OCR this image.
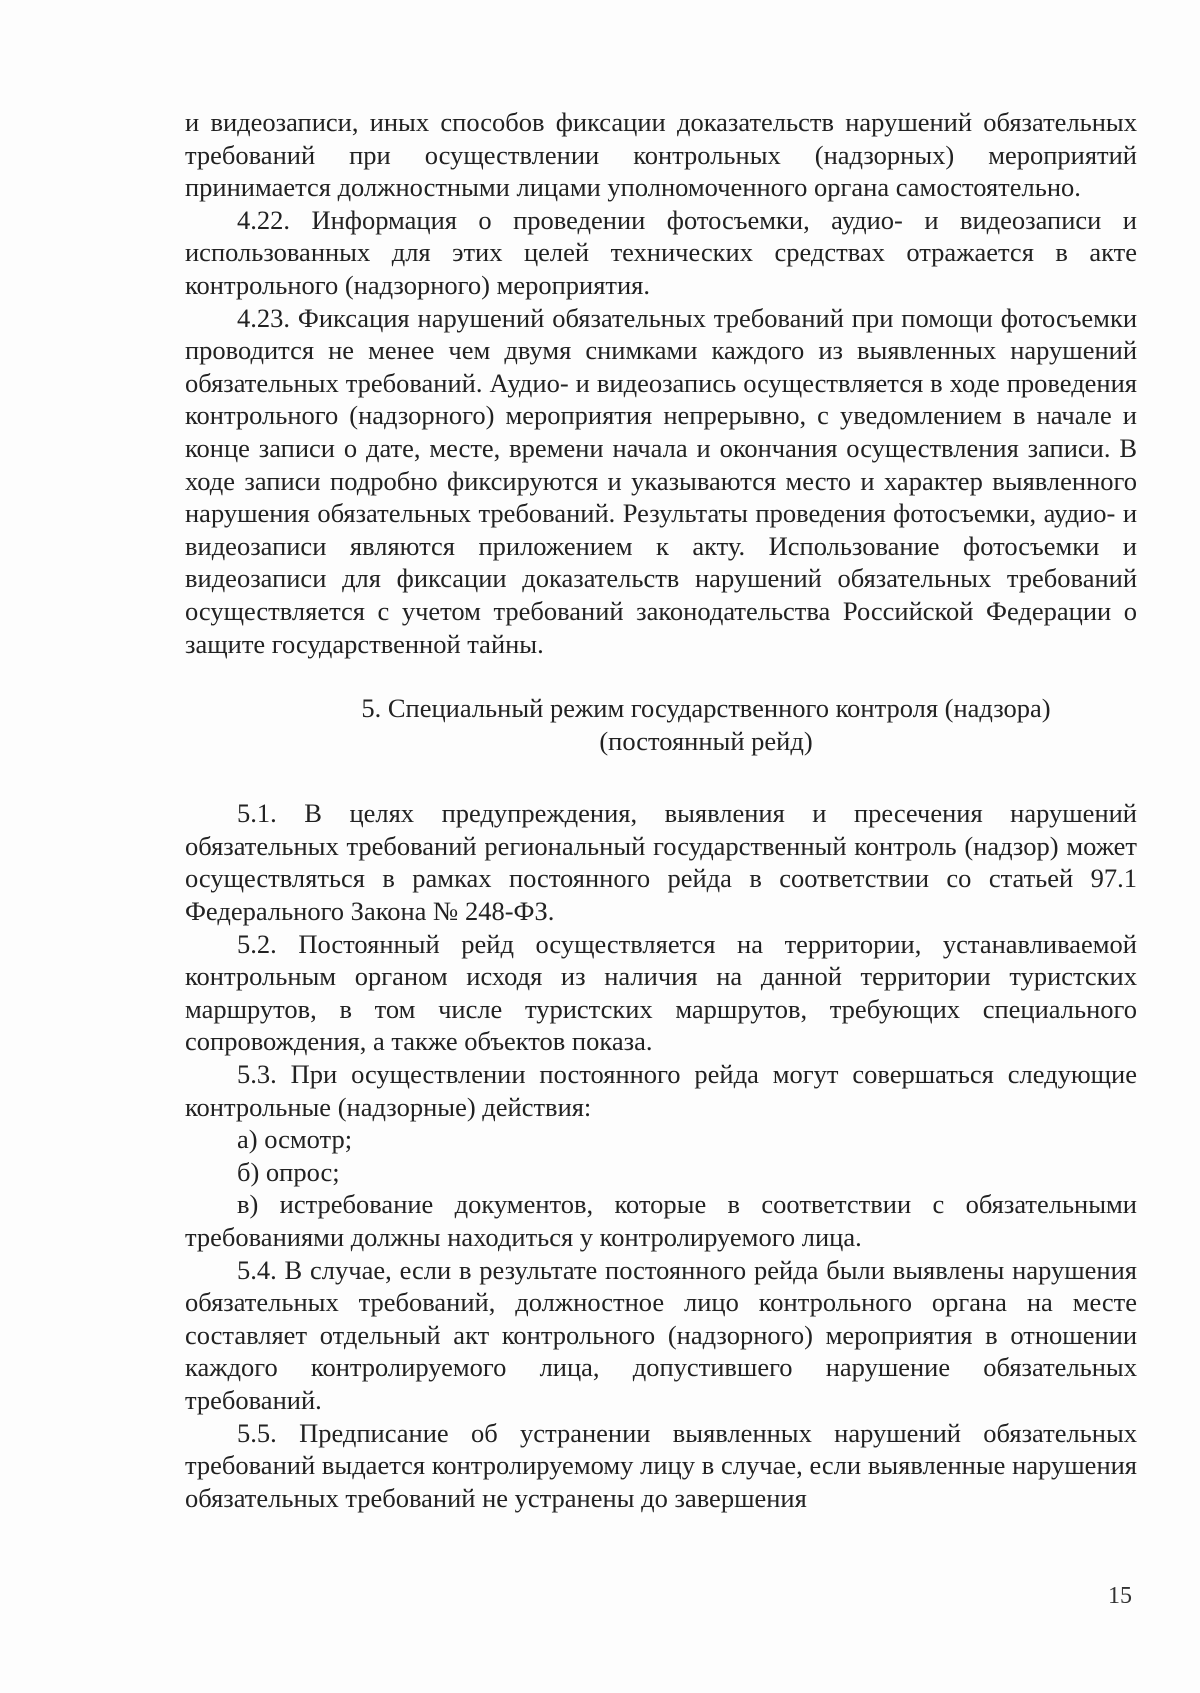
и видеозаписи, иных способов фиксации доказательств нарушений обязательных требований при осуществлении контрольных (надзорных) мероприятий принимается должностными лицами уполномоченного органа самостоятельно.

4.22. Информация о проведении фотосъемки, аудио- и видеозаписи и использованных для этих целей технических средствах отражается в акте контрольного (надзорного) мероприятия.

4.23. Фиксация нарушений обязательных требований при помощи фотосъемки проводится не менее чем двумя снимками каждого из выявленных нарушений обязательных требований. Аудио- и видеозапись осуществляется в ходе проведения контрольного (надзорного) мероприятия непрерывно, с уведомлением в начале и конце записи о дате, месте, времени начала и окончания осуществления записи. В ходе записи подробно фиксируются и указываются место и характер выявленного нарушения обязательных требований. Результаты проведения фотосъемки, аудио- и видеозаписи являются приложением к акту. Использование фотосъемки и видеозаписи для фиксации доказательств нарушений обязательных требований осуществляется с учетом требований законодательства Российской Федерации о защите государственной тайны.

5. Специальный режим государственного контроля (надзора)
(постоянный рейд)

5.1. В целях предупреждения, выявления и пресечения нарушений обязательных требований региональный государственный контроль (надзор) может осуществляться в рамках постоянного рейда в соответствии со статьей 97.1 Федерального Закона № 248-ФЗ.

5.2. Постоянный рейд осуществляется на территории, устанавливаемой контрольным органом исходя из наличия на данной территории туристских маршрутов, в том числе туристских маршрутов, требующих специального сопровождения, а также объектов показа.

5.3. При осуществлении постоянного рейда могут совершаться следующие контрольные (надзорные) действия:

а) осмотр;

б) опрос;

в) истребование документов, которые в соответствии с обязательными требованиями должны находиться у контролируемого лица.

5.4. В случае, если в результате постоянного рейда были выявлены нарушения обязательных требований, должностное лицо контрольного органа на месте составляет отдельный акт контрольного (надзорного) мероприятия в отношении каждого контролируемого лица, допустившего нарушение обязательных требований.

5.5. Предписание об устранении выявленных нарушений обязательных требований выдается контролируемому лицу в случае, если выявленные нарушения обязательных требований не устранены до завершения

15
